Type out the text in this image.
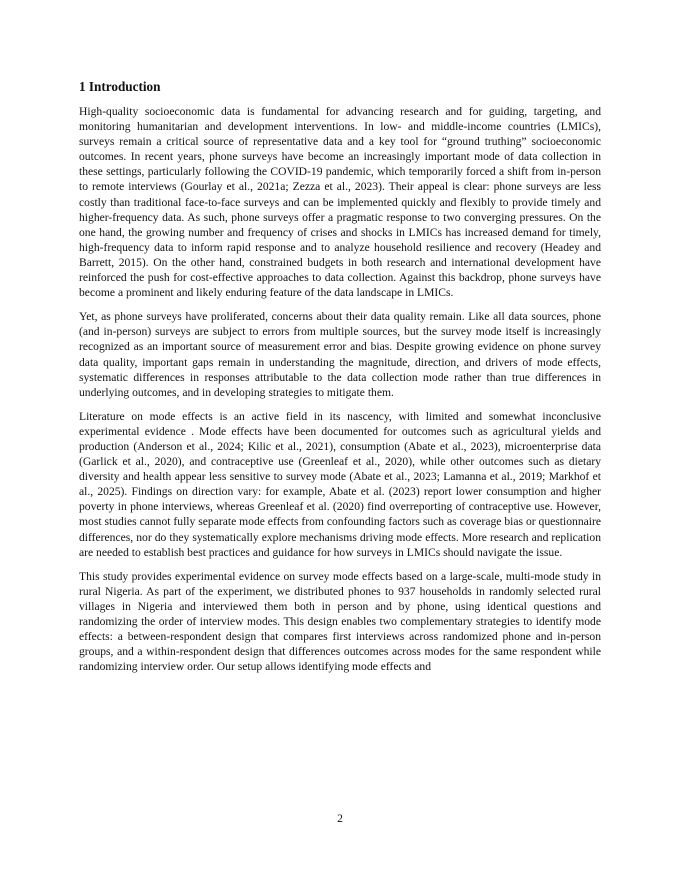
1 Introduction

High-quality socioeconomic data is fundamental for advancing research and for guiding, targeting, and monitoring humanitarian and development interventions. In low- and middle-income countries (LMICs), surveys remain a critical source of representative data and a key tool for “ground truthing” socioeconomic outcomes. In recent years, phone surveys have become an increasingly important mode of data collection in these settings, particularly following the COVID-19 pandemic, which temporarily forced a shift from in-person to remote interviews (Gourlay et al., 2021a; Zezza et al., 2023). Their appeal is clear: phone surveys are less costly than traditional face-to-face surveys and can be implemented quickly and flexibly to provide timely and higher-frequency data. As such, phone surveys offer a pragmatic response to two converging pressures. On the one hand, the growing number and frequency of crises and shocks in LMICs has increased demand for timely, high-frequency data to inform rapid response and to analyze household resilience and recovery (Headey and Barrett, 2015). On the other hand, constrained budgets in both research and international development have reinforced the push for cost-effective approaches to data collection. Against this backdrop, phone surveys have become a prominent and likely enduring feature of the data landscape in LMICs.

Yet, as phone surveys have proliferated, concerns about their data quality remain. Like all data sources, phone (and in-person) surveys are subject to errors from multiple sources, but the survey mode itself is increasingly recognized as an important source of measurement error and bias. Despite growing evidence on phone survey data quality, important gaps remain in understanding the magnitude, direction, and drivers of mode effects, systematic differences in responses attributable to the data collection mode rather than true differences in underlying outcomes, and in developing strategies to mitigate them.

Literature on mode effects is an active field in its nascency, with limited and somewhat inconclusive experimental evidence . Mode effects have been documented for outcomes such as agricultural yields and production (Anderson et al., 2024; Kilic et al., 2021), consumption (Abate et al., 2023), microenterprise data (Garlick et al., 2020), and contraceptive use (Greenleaf et al., 2020), while other outcomes such as dietary diversity and health appear less sensitive to survey mode (Abate et al., 2023; Lamanna et al., 2019; Markhof et al., 2025). Findings on direction vary: for example, Abate et al. (2023) report lower consumption and higher poverty in phone interviews, whereas Greenleaf et al. (2020) find overreporting of contraceptive use. However, most studies cannot fully separate mode effects from confounding factors such as coverage bias or questionnaire differences, nor do they systematically explore mechanisms driving mode effects. More research and replication are needed to establish best practices and guidance for how surveys in LMICs should navigate the issue.

This study provides experimental evidence on survey mode effects based on a large-scale, multi-mode study in rural Nigeria. As part of the experiment, we distributed phones to 937 households in randomly selected rural villages in Nigeria and interviewed them both in person and by phone, using identical questions and randomizing the order of interview modes. This design enables two complementary strategies to identify mode effects: a between-respondent design that compares first interviews across randomized phone and in-person groups, and a within-respondent design that differences outcomes across modes for the same respondent while randomizing interview order. Our setup allows identifying mode effects and

2
